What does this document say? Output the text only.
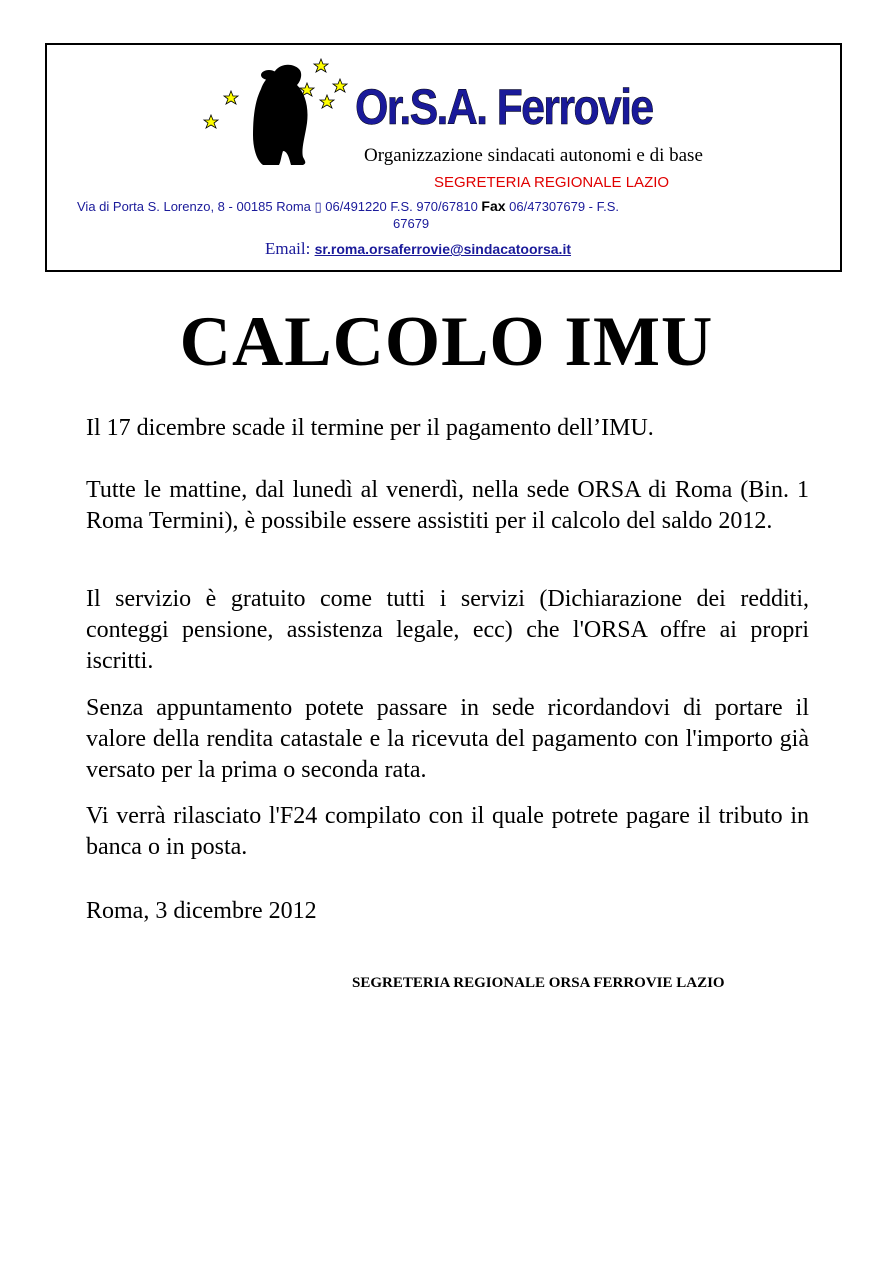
Or.S.A. Ferrovie
Organizzazione sindacati autonomi e di base
SEGRETERIA REGIONALE LAZIO
Via di Porta S. Lorenzo, 8 - 00185 Roma ▯ 06/491220 F.S. 970/67810 Fax 06/47307679 - F.S.
67679
Email: sr.roma.orsaferrovie@sindacatoorsa.it
CALCOLO IMU

Il 17 dicembre scade il termine per il pagamento dell’IMU.

Tutte le mattine, dal lunedì al venerdì, nella sede ORSA di Roma (Bin. 1 Roma Termini), è possibile essere assistiti per il calcolo del saldo 2012.

Il servizio è gratuito come tutti i servizi (Dichiarazione dei redditi, conteggi pensione, assistenza legale, ecc) che l'ORSA offre ai propri iscritti.

Senza appuntamento potete passare in sede ricordandovi di portare il valore della rendita catastale e la ricevuta del pagamento con l'importo già versato per la prima o seconda rata.

Vi verrà rilasciato l'F24 compilato con il quale potrete pagare il tributo in banca o in posta.

Roma, 3 dicembre 2012
SEGRETERIA REGIONALE ORSA FERROVIE LAZIO
